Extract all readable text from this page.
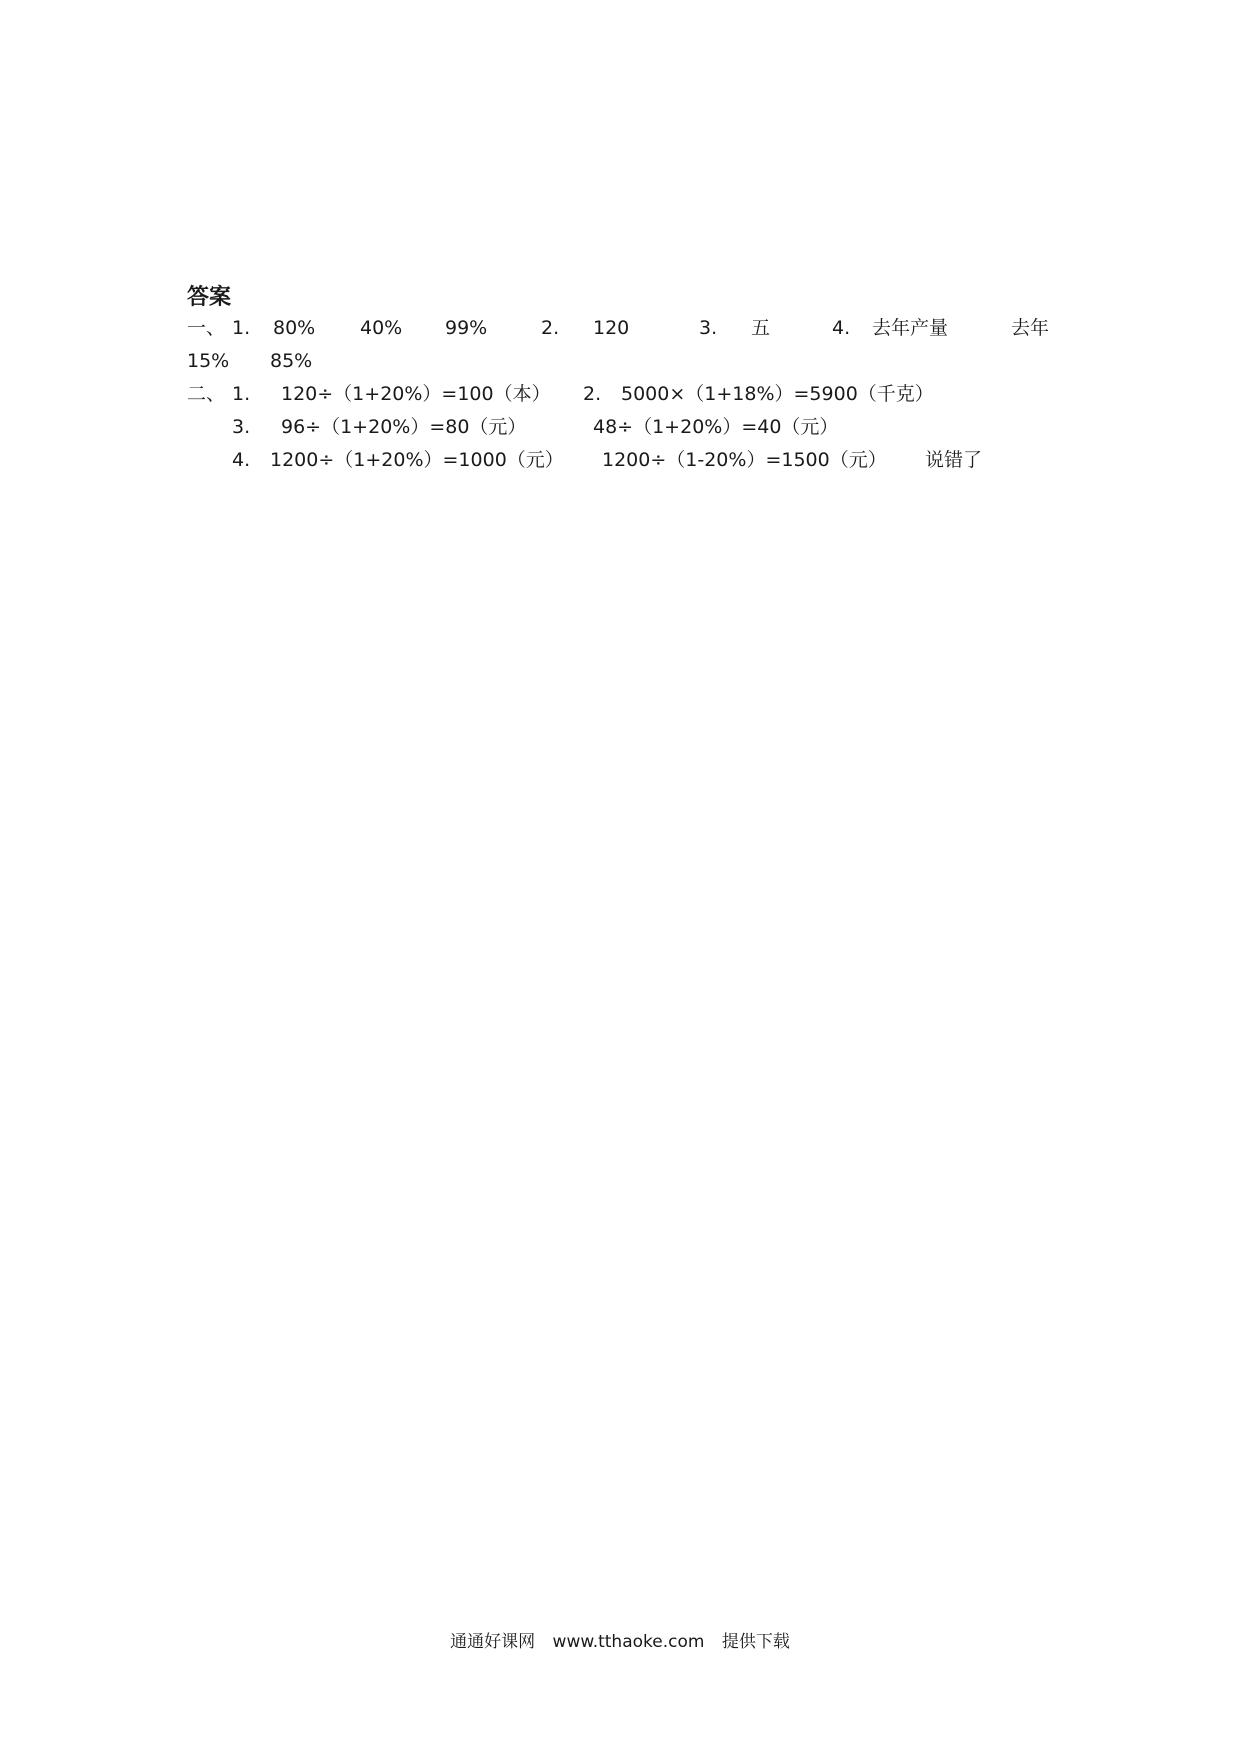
答案
一、 1. 80% 40% 99%	2. 120	3. 五	4. 去年产量	去年
15% 85%
二、 1. 120÷（1+20%）=100（本） 2. 5000×（1+18%）=5900（千克）
3. 96÷（1+20%）=80（元）	48÷（1+20%）=40（元）
4. 1200÷（1+20%）=1000（元） 1200÷（1-20%）=1500（元） 说错了
通通好课网 www.tthaoke.com 提供下载
